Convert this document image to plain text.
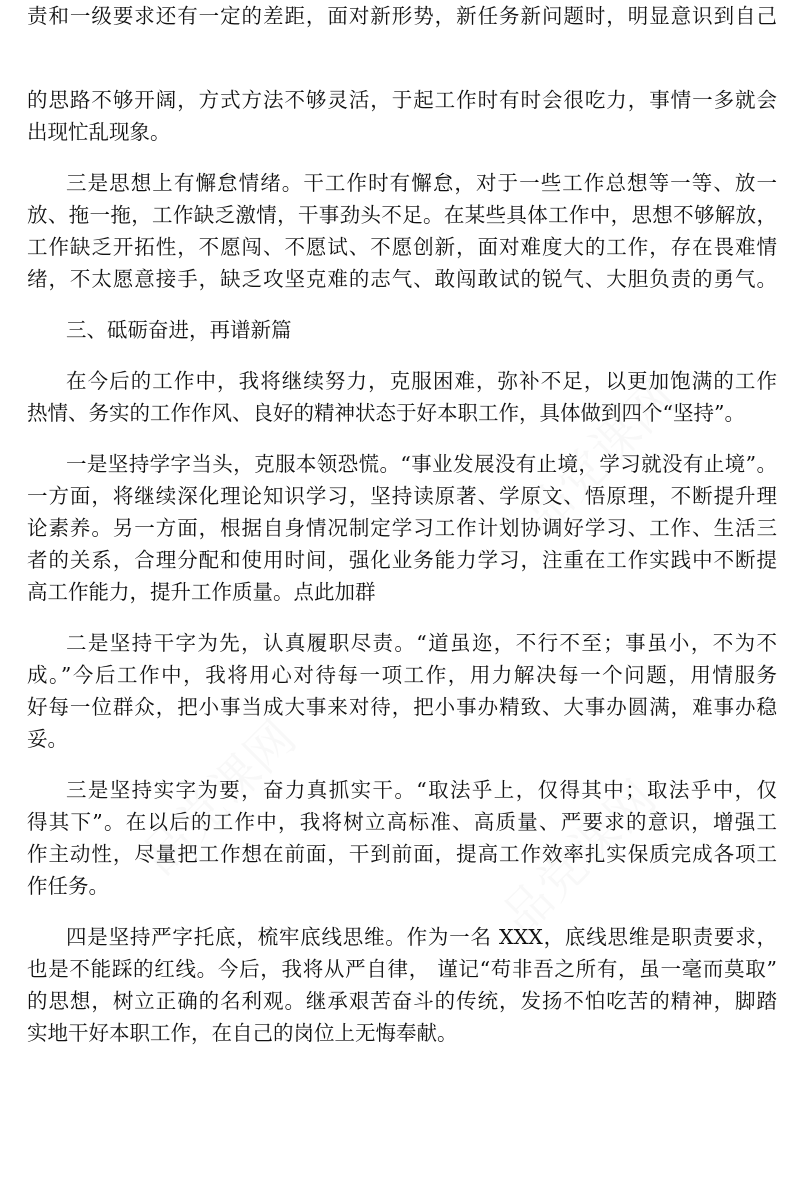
品党课网
品党课网	品党课网
责和一级要求还有一定的差距，面对新形势，新任务新问题时，明显意识到自己
的思路不够开阔，方式方法不够灵活，于起工作时有时会很吃力，事情一多就会
出现忙乱现象。
三是思想上有懈怠情绪。干工作时有懈怠，对于一些工作总想等一等、放一
放、拖一拖，工作缺乏激情，干事劲头不足。在某些具体工作中，思想不够解放，
工作缺乏开拓性，不愿闯、不愿试、不愿创新，面对难度大的工作，存在畏难情
绪，不太愿意接手，缺乏攻坚克难的志气、敢闯敢试的锐气、大胆负责的勇气。
三、砥砺奋进，再谱新篇
在今后的工作中，我将继续努力，克服困难，弥补不足，以更加饱满的工作
热情、务实的工作作风、良好的精神状态于好本职工作，具体做到四个“坚持”。
一是坚持学字当头，克服本领恐慌。“事业发展没有止境，学习就没有止境”。
一方面，将继续深化理论知识学习，坚持读原著、学原文、悟原理，不断提升理
论素养。另一方面，根据自身情况制定学习工作计划协调好学习、工作、生活三
者的关系，合理分配和使用时间，强化业务能力学习，注重在工作实践中不断提
高工作能力，提升工作质量。点此加群
二是坚持干字为先，认真履职尽责。“道虽迩，不行不至；事虽小，不为不
成。”今后工作中，我将用心对待每一项工作，用力解决每一个问题，用情服务
好每一位群众，把小事当成大事来对待，把小事办精致、大事办圆满，难事办稳
妥。
三是坚持实字为要，奋力真抓实干。“取法乎上，仅得其中；取法乎中，仅
得其下”。在以后的工作中，我将树立高标准、高质量、严要求的意识，增强工
作主动性，尽量把工作想在前面，干到前面，提高工作效率扎实保质完成各项工
作任务。
四是坚持严字托底，梳牢底线思维。作为一名 XXX，底线思维是职责要求，
也是不能踩的红线。今后，我将从严自律， 谨记“苟非吾之所有，虽一毫而莫取”
的思想，树立正确的名利观。继承艰苦奋斗的传统，发扬不怕吃苦的精神，脚踏
实地干好本职工作，在自己的岗位上无悔奉献。
